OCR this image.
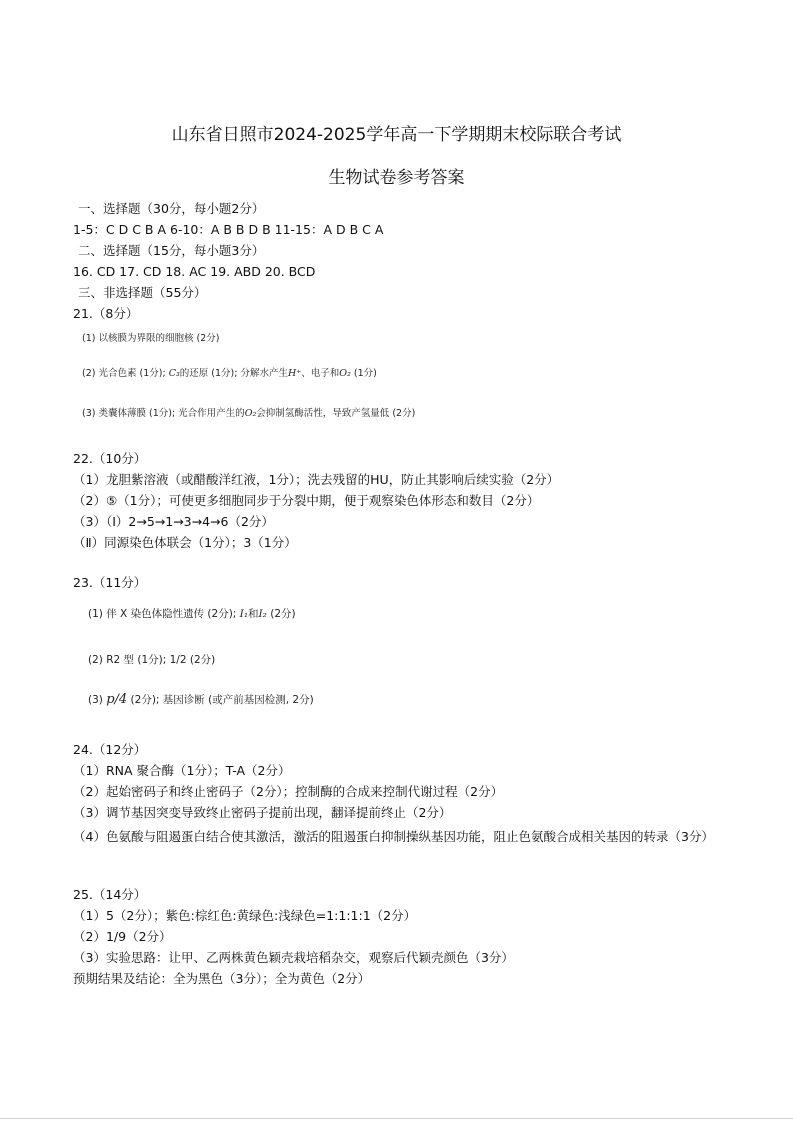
山东省日照市2024-2025学年高一下学期期末校际联合考试
生物试卷参考答案
一、选择题（30分，每小题2分）
1-5：C D C B A 6-10：A B B D B 11-15：A D B C A
二、选择题（15分，每小题3分）
16. CD 17. CD 18. AC 19. ABD 20. BCD
三、非选择题（55分）
21.（8分）
(1) 以核膜为界限的细胞核 (2分)
(2) 光合色素 (1分); C₃的还原 (1分); 分解水产生H⁺、电子和O₂ (1分)
(3) 类囊体薄膜 (1分); 光合作用产生的O₂会抑制氢酶活性，导致产氢量低 (2分)
22.（10分）
（1）龙胆紫溶液（或醋酸洋红液，1分）；洗去残留的HU，防止其影响后续实验（2分）
（2）⑤（1分）；可使更多细胞同步于分裂中期，便于观察染色体形态和数目（2分）
（3）（Ⅰ）2→5→1→3→4→6（2分）
（Ⅱ）同源染色体联会（1分）；3（1分）
23.（11分）
(1) 伴 X 染色体隐性遗传 (2分); I₁和I₂ (2分)
(2) R2 型 (1分); 1/2 (2分)
(3) p/4 (2分); 基因诊断 (或产前基因检测, 2分)
24.（12分）
（1）RNA 聚合酶（1分）；T-A（2分）
（2）起始密码子和终止密码子（2分）；控制酶的合成来控制代谢过程（2分）
（3）调节基因突变导致终止密码子提前出现，翻译提前终止（2分）
（4）色氨酸与阻遏蛋白结合使其激活，激活的阻遏蛋白抑制操纵基因功能，阻止色氨酸合成相关基因的转录（3分）
25.（14分）
（1）5（2分）；紫色:棕红色:黄绿色:浅绿色=1:1:1:1（2分）
（2）1/9（2分）
（3）实验思路：让甲、乙两株黄色颖壳栽培稻杂交，观察后代颖壳颜色（3分）
预期结果及结论：全为黑色（3分）；全为黄色（2分）
